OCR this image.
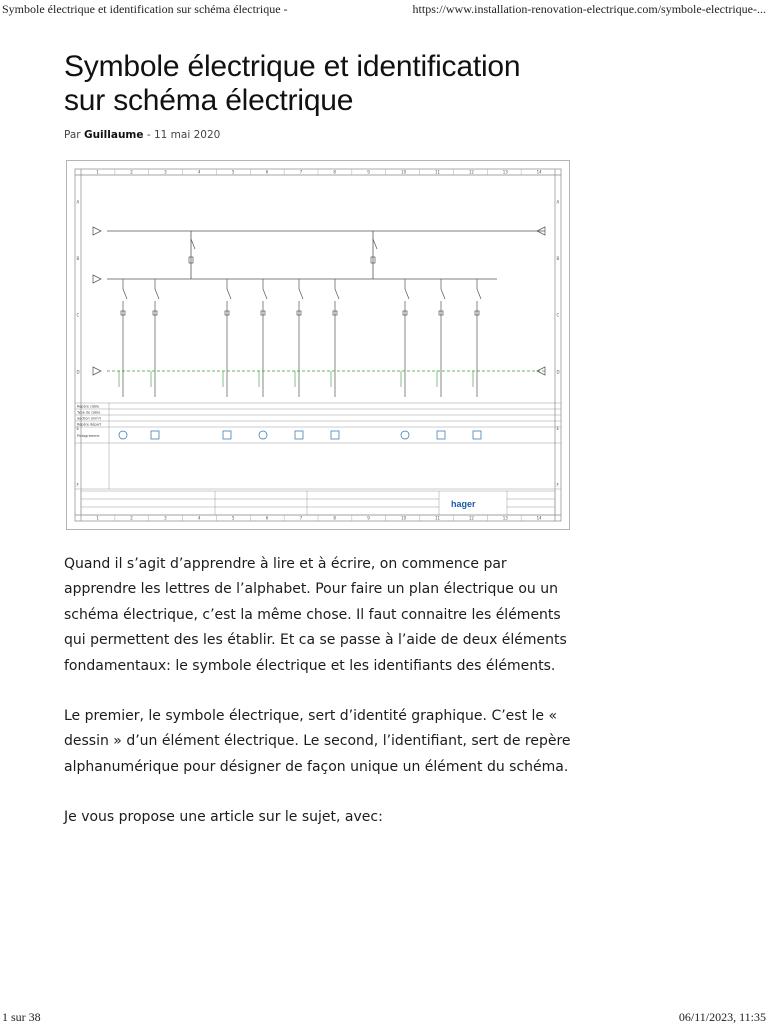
Symbole électrique et identification sur schéma électrique -	https://www.installation-renovation-electrique.com/symbole-electrique-...
Symbole électrique et identification
sur schéma électrique
Par Guillaume - 11 mai 2020
1	2	3	4	5	6	7	8	9	10	11	12	13	14
1	2	3	4	5	6	7	8	9	10	11	12	13	14
A	A
B	B
C	C
D	D
E	E
F	F
Repère câble
Type de câble
Section (mm²)
Repère départ
Pictogramme
hager

Quand il s’agit d’apprendre à lire et à écrire, on commence par apprendre les lettres de l’alphabet. Pour faire un plan électrique ou un schéma électrique, c’est la même chose. Il faut connaitre les éléments qui permettent des les établir. Et ca se passe à l’aide de deux éléments fondamentaux: le symbole électrique et les identifiants des éléments.

Le premier, le symbole électrique, sert d’identité graphique. C’est le « dessin » d’un élément électrique. Le second, l’identifiant, sert de repère alphanumérique pour désigner de façon unique un élément du schéma.

Je vous propose une article sur le sujet, avec:

1 sur 38	06/11/2023, 11:35
